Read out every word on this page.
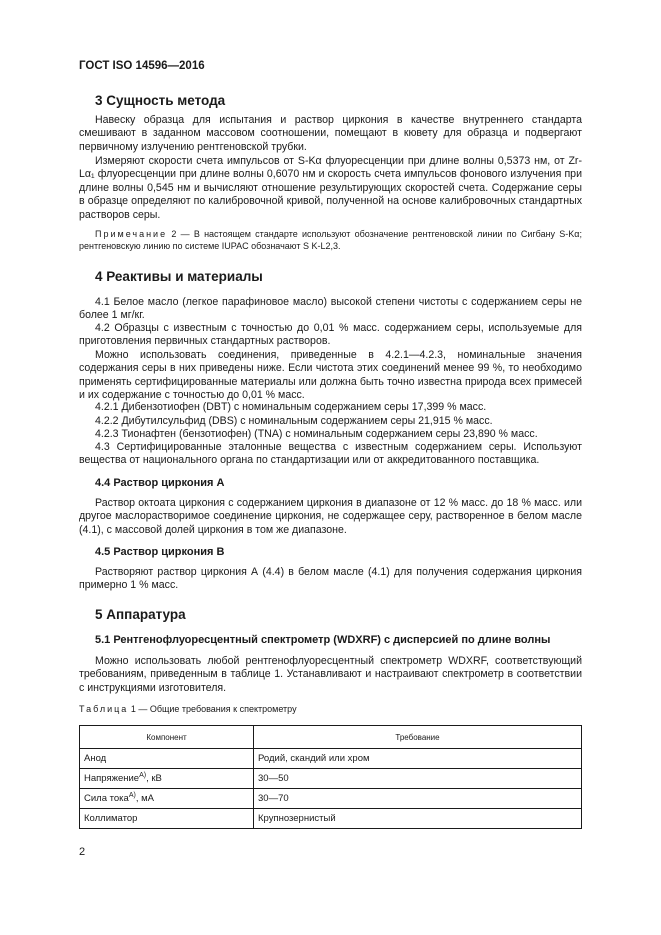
ГОСТ ISO 14596—2016
3 Сущность метода
Навеску образца для испытания и раствор циркония в качестве внутреннего стандарта смешивают в заданном массовом соотношении, помещают в кювету для образца и подвергают первичному излучению рентгеновской трубки.
Измеряют скорости счета импульсов от S-Kα флуоресценции при длине волны 0,5373 нм, от Zr-Lα₁ флуоресценции при длине волны 0,6070 нм и скорость счета импульсов фонового излучения при длине волны 0,545 нм и вычисляют отношение результирующих скоростей счета. Содержание серы в образце определяют по калибровочной кривой, полученной на основе калибровочных стандартных растворов серы.
Примечание 2 — В настоящем стандарте используют обозначение рентгеновской линии по Сигбану S-Kα; рентгеновскую линию по системе IUPAC обозначают S K-L2,3.
4 Реактивы и материалы
4.1 Белое масло (легкое парафиновое масло) высокой степени чистоты с содержанием серы не более 1 мг/кг.
4.2 Образцы с известным с точностью до 0,01 % масс. содержанием серы, используемые для приготовления первичных стандартных растворов.
Можно использовать соединения, приведенные в 4.2.1—4.2.3, номинальные значения содержания серы в них приведены ниже. Если чистота этих соединений менее 99 %, то необходимо применять сертифицированные материалы или должна быть точно известна природа всех примесей и их содержание с точностью до 0,01 % масс.
4.2.1 Дибензотиофен (DBT) с номинальным содержанием серы 17,399 % масс.
4.2.2 Дибутилсульфид (DBS) с номинальным содержанием серы 21,915 % масс.
4.2.3 Тионафтен (бензотиофен) (TNA) с номинальным содержанием серы 23,890 % масс.
4.3 Сертифицированные эталонные вещества с известным содержанием серы. Используют вещества от национального органа по стандартизации или от аккредитованного поставщика.
4.4 Раствор циркония А
Раствор октоата циркония с содержанием циркония в диапазоне от 12 % масс. до 18 % масс. или другое маслорастворимое соединение циркония, не содержащее серу, растворенное в белом масле (4.1), с массовой долей циркония в том же диапазоне.
4.5 Раствор циркония В
Растворяют раствор циркония А (4.4) в белом масле (4.1) для получения содержания циркония примерно 1 % масс.
5 Аппаратура
5.1 Рентгенофлуоресцентный спектрометр (WDXRF) с дисперсией по длине волны
Можно использовать любой рентгенофлуоресцентный спектрометр WDXRF, соответствующий требованиям, приведенным в таблице 1. Устанавливают и настраивают спектрометр в соответствии с инструкциями изготовителя.
Таблица 1 — Общие требования к спектрометру
Компонент	Требование
Анод	Родий, скандий или хром
Напряжение$^{A)}$, кВ	30—50
Сила тока$^{A)}$, мА	30—70
Коллиматор	Крупнозернистый
2
